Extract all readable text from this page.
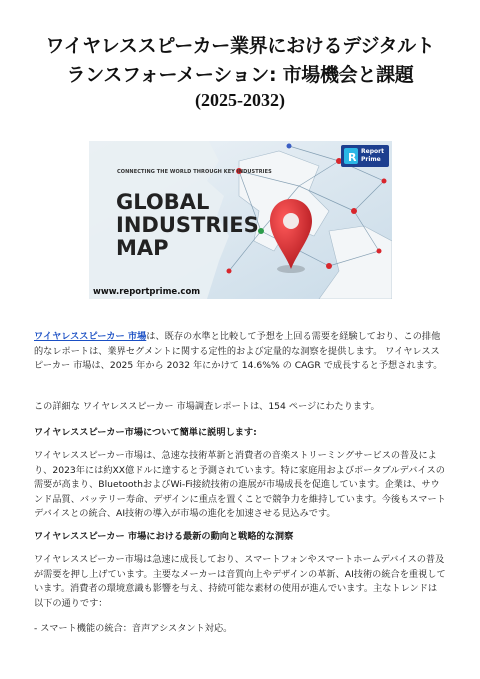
ワイヤレススピーカー業界におけるデジタルト
ランスフォーメーション: 市場機会と課題
(2025-2032)
R Report
Prime
CONNECTING THE WORLD THROUGH KEY INDUSTRIES
GLOBAL
INDUSTRIES
MAP
www.reportprime.com

ワイヤレススピーカー 市場は、既存の水準と比較して予想を上回る需要を経験しており、この排他的なレポートは、業界セグメントに関する定性的および定量的な洞察を提供します。 ワイヤレススピーカー 市場は、2025 年から 2032 年にかけて 14.6%% の CAGR で成長すると予想されます。

この詳細な ワイヤレススピーカー 市場調査レポートは、154 ページにわたります。

ワイヤレススピーカー市場について簡単に説明します:

ワイヤレススピーカー市場は、急速な技術革新と消費者の音楽ストリーミングサービスの普及により、2023年には約XX億ドルに達すると予測されています。特に家庭用およびポータブルデバイスの需要が高まり、BluetoothおよびWi-Fi接続技術の進展が市場成長を促進しています。企業は、サウンド品質、バッテリー寿命、デザインに重点を置くことで競争力を維持しています。今後もスマートデバイスとの統合、AI技術の導入が市場の進化を加速させる見込みです。

ワイヤレススピーカー 市場における最新の動向と戦略的な洞察

ワイヤレススピーカー市場は急速に成長しており、スマートフォンやスマートホームデバイスの普及が需要を押し上げています。主要なメーカーは音質向上やデザインの革新、AI技術の統合を重視しています。消費者の環境意識も影響を与え、持続可能な素材の使用が進んでいます。主なトレンドは以下の通りです：

- スマート機能の統合：音声アシスタント対応。
